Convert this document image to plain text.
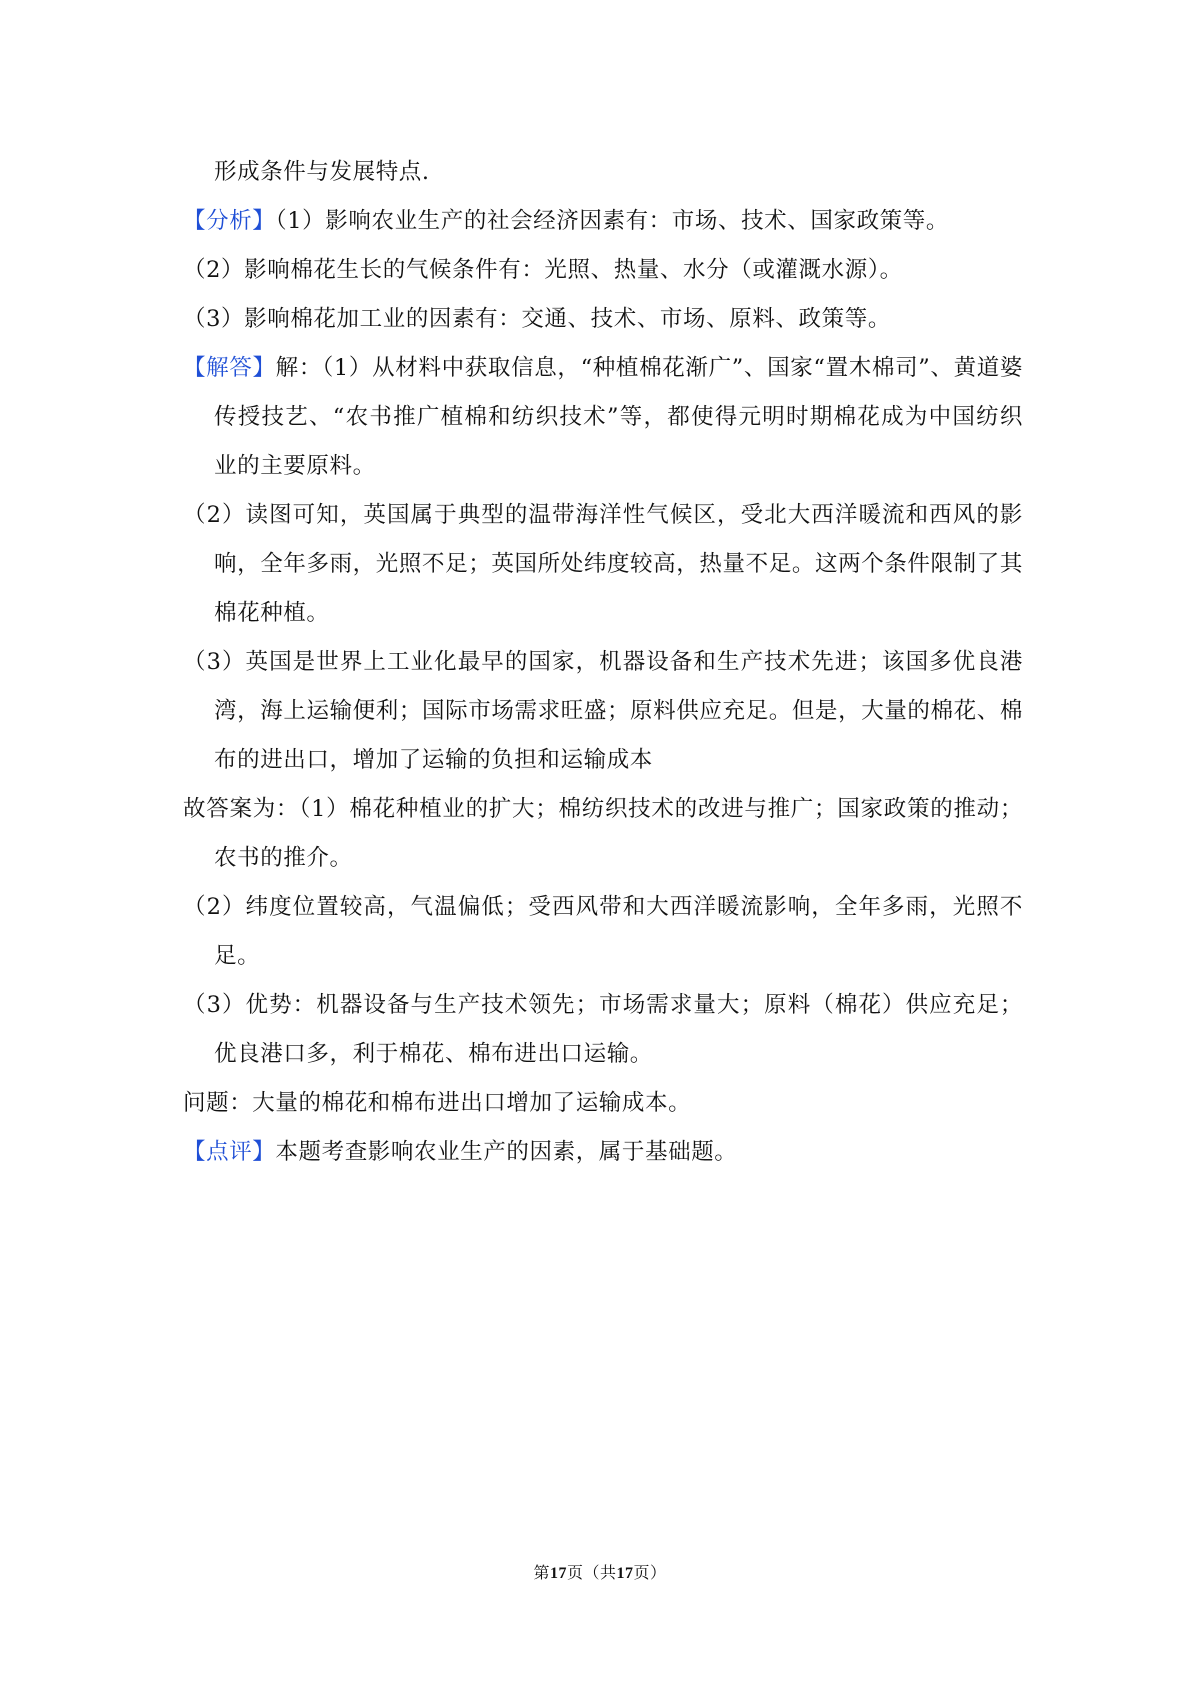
形成条件与发展特点.

【分析】（1）影响农业生产的社会经济因素有：市场、技术、国家政策等。

（2）影响棉花生长的气候条件有：光照、热量、水分（或灌溉水源）。

（3）影响棉花加工业的因素有：交通、技术、市场、原料、政策等。

【解答】解：（1）从材料中获取信息，“种植棉花渐广”、国家“置木棉司”、黄道婆传授技艺、“农书推广植棉和纺织技术”等，都使得元明时期棉花成为中国纺织业的主要原料。

（2）读图可知，英国属于典型的温带海洋性气候区，受北大西洋暖流和西风的影响，全年多雨，光照不足；英国所处纬度较高，热量不足。这两个条件限制了其棉花种植。

（3）英国是世界上工业化最早的国家，机器设备和生产技术先进；该国多优良港湾，海上运输便利；国际市场需求旺盛；原料供应充足。但是，大量的棉花、棉布的进出口，增加了运输的负担和运输成本

故答案为：（1）棉花种植业的扩大；棉纺织技术的改进与推广；国家政策的推动；农书的推介。

（2）纬度位置较高，气温偏低；受西风带和大西洋暖流影响，全年多雨，光照不足。

（3）优势：机器设备与生产技术领先；市场需求量大；原料（棉花）供应充足；优良港口多，利于棉花、棉布进出口运输。

问题：大量的棉花和棉布进出口增加了运输成本。

【点评】本题考查影响农业生产的因素，属于基础题。

第17页（共17页）
